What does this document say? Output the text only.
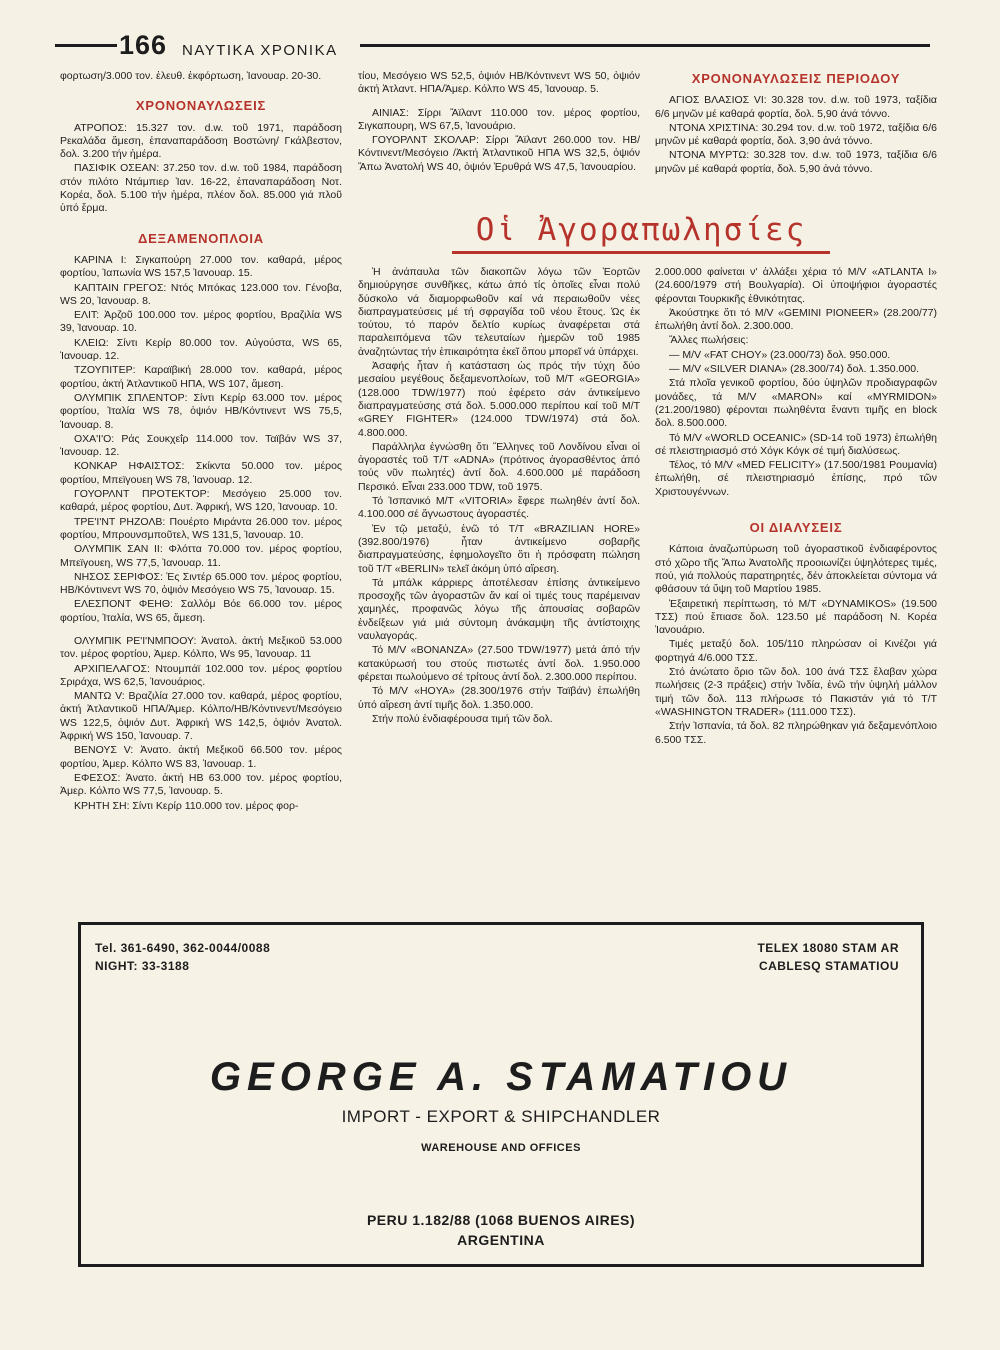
166 ΝΑΥΤΙΚΑ ΧΡΟΝΙΚΑ

φορτωση/3.000 τον. ἐλευθ. ἐκφόρτωση, Ἰανουαρ. 20-30.

ΧΡΟΝΟΝΑΥΛΩΣΕΙΣ

ΑΤΡΟΠΟΣ: 15.327 τον. d.w. τοῦ 1971, παράδοση Ρεκαλάδα ἄμεση, ἐπαναπαράδοση Βοστώνη/ Γκάλβεστον, δολ. 3.200 τήν ἡμέρα.

ΠΑΣΙΦΙΚ ΟΣΕΑΝ: 37.250 τον. d.w. τοῦ 1984, παράδοση στόν πιλότο Ντάμπιερ Ἰαν. 16-22, ἐπαναπαράδοση Νοτ. Κορέα, δολ. 5.100 τήν ἡμέρα, πλέον δολ. 85.000 γιά πλοῦ ὑπό ἕρμα.

ΔΕΞΑΜΕΝΟΠΛΟΙΑ

ΚΑΡΙΝΑ Ι: Σιγκαπούρη 27.000 τον. καθαρά, μέρος φορτίου, Ἰαπωνία WS 157,5 Ἰανουαρ. 15.

ΚΑΠΤΑΙΝ ΓΡΕΓΟΣ: Ντός Μπόκας 123.000 τον. Γένοβα, WS 20, Ἰανουαρ. 8.

ΕΛΙΤ: Ἀρζοῦ 100.000 τον. μέρος φορτίου, Βραζιλία WS 39, Ἰανουαρ. 10.

ΚΛΕΙΩ: Σίντι Κερίρ 80.000 τον. Αὐγούστα, WS 65, Ἰανουαρ. 12.

ΤΖΟΥΠΙΤΕΡ: Καραϊβική 28.000 τον. καθαρά, μέρος φορτίου, ἀκτή Ἀτλαντικοῦ ΗΠΑ, WS 107, ἄμεση.

ΟΛΥΜΠΙΚ ΣΠΛΕΝΤΟΡ: Σίντι Κερίρ 63.000 τον. μέρος φορτίου, Ἰταλία WS 78, ὀψιόν ΗΒ/Κόντινεντ WS 75,5, Ἰανουαρ. 8.

ΟΧΑ'Ι'Ο: Ράς Σουκχεΐρ 114.000 τον. Ταϊβάν WS 37, Ἰανουαρ. 12.

ΚΟΝΚΑΡ ΗΦΑΙΣΤΟΣ: Σκίκντα 50.000 τον. μέρος φορτίου, Μπεϊγουεη WS 78, Ἰανουαρ. 12.

ΓΟΥΟΡΛΝΤ ΠΡΟΤΕΚΤΟΡ: Μεσόγειο 25.000 τον. καθαρά, μέρος φορτίου, Δυτ. Ἀφρική, WS 120, Ἰανουαρ. 10.

ΤΡΕ'Ι'ΝΤ ΡΗΖΟΛΒ: Πουέρτο Μιράντα 26.000 τον. μέρος φορτίου, Μπρουνσμποῦτελ, WS 131,5, Ἰανουαρ. 10.

ΟΛΥΜΠΙΚ ΣΑΝ ΙΙ: Φλόττα 70.000 τον. μέρος φορτίου, Μπεϊγουεη, WS 77,5, Ἰανουαρ. 11.

ΝΗΣΟΣ ΣΕΡΙΦΟΣ: Ἐς Σιντέρ 65.000 τον. μέρος φορτίου, ΗΒ/Κόντινεντ WS 70, ὀψιόν Μεσόγειο WS 75, Ἰανουαρ. 15.

ΕΛΕΣΠΟΝΤ ΦΕΗΘ: Σαλλόμ Βόε 66.000 τον. μέρος φορτίου, Ἰταλία, WS 65, ἄμεση.

ΟΛΥΜΠΙΚ ΡΕ'Ι'ΝΜΠΟΟΥ: Ἀνατολ. ἀκτή Μεξικοῦ 53.000 τον. μέρος φορτίου, Ἀμερ. Κόλπο, Ws 95, Ἰανουαρ. 11

ΑΡΧΙΠΕΛΑΓΟΣ: Ντουμπάϊ 102.000 τον. μέρος φορτίου Σριράχα, WS 62,5, Ἰανουάριος.

ΜΑΝΤΩ V: Βραζιλία 27.000 τον. καθαρά, μέρος φορτίου, ἀκτή Ἀτλαντικοῦ ΗΠΑ/Ἀμερ. Κόλπο/ΗΒ/Κόντινεντ/Μεσόγειο WS 122,5, ὀψιόν Δυτ. Ἀφρική WS 142,5, ὀψιόν Ἀνατολ. Ἀφρική WS 150, Ἰανουαρ. 7.

ΒΕΝΟΥΣ V: Ἀνατο. ἀκτή Μεξικοῦ 66.500 τον. μέρος φορτίου, Ἀμερ. Κόλπο WS 83, Ἰανουαρ. 1.

ΕΦΕΣΟΣ: Ἀνατο. ἀκτή ΗΒ 63.000 τον. μέρος φορτίου, Ἀμερ. Κόλπο WS 77,5, Ἰανουαρ. 5.

ΚΡΗΤΗ ΣΗ: Σίντι Κερίρ 110.000 τον. μέρος φορ-

τίου, Μεσόγειο WS 52,5, ὀψιόν ΗΒ/Κόντινεντ WS 50, ὀψιόν ἀκτή Ἀτλαντ. ΗΠΑ/Ἀμερ. Κόλπο WS 45, Ἰανουαρ. 5.

ΑΙΝΙΑΣ: Σίρρι Ἄϊλαντ 110.000 τον. μέρος φορτίου, Σιγκαπουρη, WS 67,5, Ἰανουάριο.

ΓΟΥΟΡΛΝΤ ΣΚΟΛΑΡ: Σίρρι Ἄϊλαντ 260.000 τον. ΗΒ/Κόντινεντ/Μεσόγειο /Ἀκτή Ἀτλαντικοῦ ΗΠΑ WS 32,5, ὀψιόν Ἄπω Ἀνατολή WS 40, ὀψιόν Ἐρυθρά WS 47,5, Ἰανουαρίου.

ΧΡΟΝΟΝΑΥΛΩΣΕΙΣ ΠΕΡΙΟΔΟΥ

ΑΓΙΟΣ ΒΛΑΣΙΟΣ VI: 30.328 τον. d.w. τοῦ 1973, ταξίδια 6/6 μηνῶν μέ καθαρά φορτία, δολ. 5,90 ἀνά τόννο.

ΝΤΟΝΑ ΧΡΙΣΤΙΝΑ: 30.294 τον. d.w. τοῦ 1972, ταξίδια 6/6 μηνῶν μέ καθαρά φορτία, δολ. 3,90 ἀνά τόννο.

ΝΤΟΝΑ ΜΥΡΤΩ: 30.328 τον. d.w. τοῦ 1973, ταξίδια 6/6 μηνῶν μέ καθαρά φορτία, δολ. 5,90 ἀνά τόννο.

Οἱ Ἀγοραπωλησίες

Ἡ ἀνάπαυλα τῶν διακοπῶν λόγω τῶν Ἑορτῶν δημιούργησε συνθῆκες, κάτω ἀπό τίς ὁποῖες εἶναι πολύ δύσκολο νά διαμορφωθοῦν καί νά περαιωθοῦν νέες διαπραγματεύσεις μέ τή σφραγίδα τοῦ νέου ἔτους. Ὡς ἐκ τούτου, τό παρόν δελτίο κυρίως ἀναφέρεται στά παραλειπόμενα τῶν τελευταίων ἡμερῶν τοῦ 1985 ἀναζητώντας τήν ἐπικαιρότητα ἐκεῖ ὅπου μπορεῖ νά ὑπάρχει.

Ἀσαφής ἦταν ἡ κατάσταση ὡς πρός τήν τύχη δύο μεσαίου μεγέθους δεξαμενοπλοίων, τοῦ Μ/Τ «GEORGIA» (128.000 TDW/1977) πού ἐφέρετο σάν ἀντικείμενο διαπραγματεύσης στά δολ. 5.000.000 περίπου καί τοῦ Μ/Τ «GREY FIGHTER» (124.000 TDW/1974) στά δολ. 4.800.000.

Παράλληλα ἐγνώσθη ὅτι Ἕλληνες τοῦ Λονδίνου εἶναι οἱ ἀγοραστές τοῦ Τ/Τ «ADNA» (πρότινος ἀγορασθέντος ἀπό τούς νῦν πωλητές) ἀντί δολ. 4.600.000 μέ παράδοση Περσικό. Εἶναι 233.000 TDW, τοῦ 1975.

Τό Ἰσπανικό Μ/Τ «VITORIA» ἔφερε πωληθέν ἀντί δολ. 4.100.000 σέ ἄγνωστους ἀγοραστές.

Ἐν τῷ μεταξύ, ἐνῶ τό Τ/Τ «BRAZILIAN HORE» (392.800/1976) ἦταν ἀντικείμενο σοβαρῆς διαπραγματεύσης, ἐφημολογεῖτο ὅτι ἡ πρόσφατη πώληση τοῦ Τ/Τ «BERLIN» τελεῖ ἀκόμη ὑπό αἵρεση.

Τά μπάλκ κάρριερς ἀποτέλεσαν ἐπίσης ἀντικείμενο προσοχῆς τῶν ἀγοραστῶν ἄν καί οἱ τιμές τους παρέμειναν χαμηλές, προφανῶς λόγω τῆς ἀπουσίας σοβαρῶν ἐνδείξεων γιά μιά σύντομη ἀνάκαμψη τῆς ἀντίστοιχης ναυλαγοράς.

Τό Μ/V «BONANZA» (27.500 TDW/1977) μετά ἀπό τήν κατακύρωσή του στούς πιστωτές ἀντί δολ. 1.950.000 φέρεται πωλούμενο σέ τρίτους ἀντί δολ. 2.300.000 περίπου.

Τό Μ/V «HOYA» (28.300/1976 στήν Ταϊβάν) ἐπωλήθη ὑπό αἵρεση ἀντί τιμῆς δολ. 1.350.000.

Στήν πολύ ἐνδιαφέρουσα τιμή τῶν δολ.

2.000.000 φαίνεται ν' ἀλλάξει χέρια τό Μ/V «ATLANTA Ι» (24.600/1979 στή Βουλγαρία). Οἱ ὑποψήφιοι ἀγοραστές φέρονται Τουρκικῆς ἐθνικότητας.

Ἀκούστηκε ὅτι τό Μ/V «GEMINI PIONEER» (28.200/77) ἐπωλήθη ἀντί δολ. 2.300.000.

Ἄλλες πωλήσεις:

— Μ/V «FAT CHOY» (23.000/73) δολ. 950.000.

— Μ/V «SILVER DIANA» (28.300/74) δολ. 1.350.000.

Στά πλοῖα γενικοῦ φορτίου, δύο ὑψηλῶν προδιαγραφῶν μονάδες, τά Μ/V «MARON» καί «MYRMIDON» (21.200/1980) φέρονται πωληθέντα ἔναντι τιμῆς en block δολ. 8.500.000.

Τό Μ/V «WORLD OCEANIC» (SD-14 τοῦ 1973) ἐπωλήθη σέ πλειστηριασμό στό Χόγκ Κόγκ σέ τιμή διαλύσεως.

Τέλος, τό Μ/V «MED FELICITY» (17.500/1981 Ρουμανία) ἐπωλήθη, σέ πλειστηριασμό ἐπίσης, πρό τῶν Χριστουγέννων.

ΟΙ ΔΙΑΛΥΣΕΙΣ

Κάποια ἀναζωπύρωση τοῦ ἀγοραστικοῦ ἐνδιαφέροντος στό χῶρο τῆς Ἄπω Ἀνατολῆς προοιωνίζει ὑψηλότερες τιμές, πού, γιά πολλούς παρατηρητές, δέν ἀποκλείεται σύντομα νά φθάσουν τά ὕψη τοῦ Μαρτίου 1985.

Ἐξαιρετική περίπτωση, τό Μ/Τ «DYNAMIKOS» (19.500 ΤΣΣ) πού ἔπιασε δολ. 123.50 μέ παράδοση Ν. Κορέα Ἰανουάριο.

Τιμές μεταξύ δολ. 105/110 πληρώσαν οἱ Κινέζοι γιά φορτηγά 4/6.000 ΤΣΣ.

Στό ἀνώτατο ὅριο τῶν δολ. 100 ἀνά ΤΣΣ ἔλαβαν χώρα πωλήσεις (2-3 πράξεις) στήν Ἰνδία, ἐνῶ τήν ὑψηλή μάλλον τιμή τῶν δολ. 113 πλήρωσε τό Πακιστάν γιά τό Τ/Τ «WASHINGTON TRADER» (111.000 ΤΣΣ).

Στήν Ἰσπανία, τά δολ. 82 πληρώθηκαν γιά δεξαμενόπλοιο 6.500 ΤΣΣ.

Tel. 361-6490, 362-0044/0088
NIGHT: 33-3188
TELEX 18080 STAM AR
CABLESQ STAMATIOU
GEORGE A. STAMATIOU
IMPORT - EXPORT & SHIPCHANDLER
WAREHOUSE AND OFFICES
PERU 1.182/88 (1068 BUENOS AIRES)
ARGENTINA
